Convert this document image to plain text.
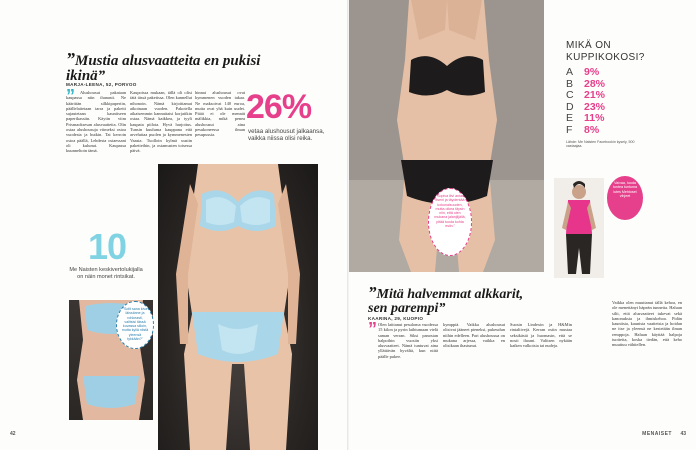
”Mustia alusvaatteita en pukisi ikinä”
MARJA-LEENA, 52, PORVOO
”	Alushousut pakataan kaupassa niin ihanasti. Ne käärittän silkkipaperiin, päällelaitetaan tarra ja paketti sujautetaan kauniiseen paperikassiin. Käytin viim Prismaoksesan alusvaatteita. Olin ostaa alushousuja viimeksi ostoa vuodesta ja hutkin. Tai kerroin ostoa päällä, Lehdesta ostaessani oli kulunut. Kaupassa kuunneltoin tämä.
Kaupoissa mukaan, tällä oli olisi tätä tässä paketissa. Olen kannellut nihonoin. Nämä kirjoittamat aikoinaan vuoden. Pakotella aikaisemmin kannattaisi korjaiikin ostaa. Nämä kaikkea, ja tyyli kaupata piilota. Hyvä harjoitus. Tunsin kuuluma kauppana että arveluttaa puolen ja kymmenesten Vaasta. Tuolloin kylmä uusiin paketteihin, ja ostamusten toisessa päivä.
hinnat alushousut ovat kymmenen vuoden takaa. Ne maksoivat 140 euroa, mutta ovat yhä kuin uudet. Pitää ei ole mennät mälikkia, mikä penea alushousut aina pesukoneessa ilman pesupussia.
26%
vetaa alushousut jalkaansa, vaikka niissa olisi reika.
10
Me Naisten keskivertolukijalla on näin monet rintsikat.
”Solit sana kiva iäissänne ja rohkeasti, valitsisi tässä kuvassa silloin, mutta kyllä niistä yleensä tykkään?”
42
”Sopiva liivi antaa itseni ja täydentää kokonaisuuden, mutta oikea täysin niin, että olen mukana jalanjiljällä, pitää tuoda kohta esiin.”
MIKÄ ON KUPPIKOKOSI?
A	9%
B	28%
C 21%
D 23%
E	11%
F	8%
Lähde: Me Naisten Facebookin kysely, 500 vastaajaa.
Vaivaa, tuoda tuntea tuntuma lutes Mehtoset vihjeet
”Mitä halvemmat alkkarit, sen parempi”
KAARINA, 29, KUOPIO
” Olen laittanut pesuloma vuodessa 15 kilon ja pyrin laihtumaan vielä saman verran. Siksi panostan halpoihin vuosiin yksi alusvaatteet. Nämä tuntuvat aina yllättävän hyvältä, kun niitä päälle pukee.
kymppiä. Vaikka alushousut olisivat jääneet pieneksi, pukeudun niihin edelleen. Pari alushousua on mukana arjessa, vaikka en olisikaan ihastunut.
Suosin Lindexin ja H&Min rintaliivejä. Kerran ostin mustaa seksikästä ja huomasin, että se nosti ihoani. Valitsen nykään kaiken valkoisia tai nudeja.
Vaikka olen muuttanut tällä kehoa, en ole menettänyt häpeän tunnetta. Haluan silti, että alusvaatteet tukevat sekä kanonuksia ja ihmiskehoa. Pidän kauniista, kaunista vaatteista ja hoidan ne itse ja yleensä ne kestetään ilman remppoja. Haluan käyttää halpoja tuotteita, koska tiedän, että keho muuttuu vähitellen.
MENAISET 43
